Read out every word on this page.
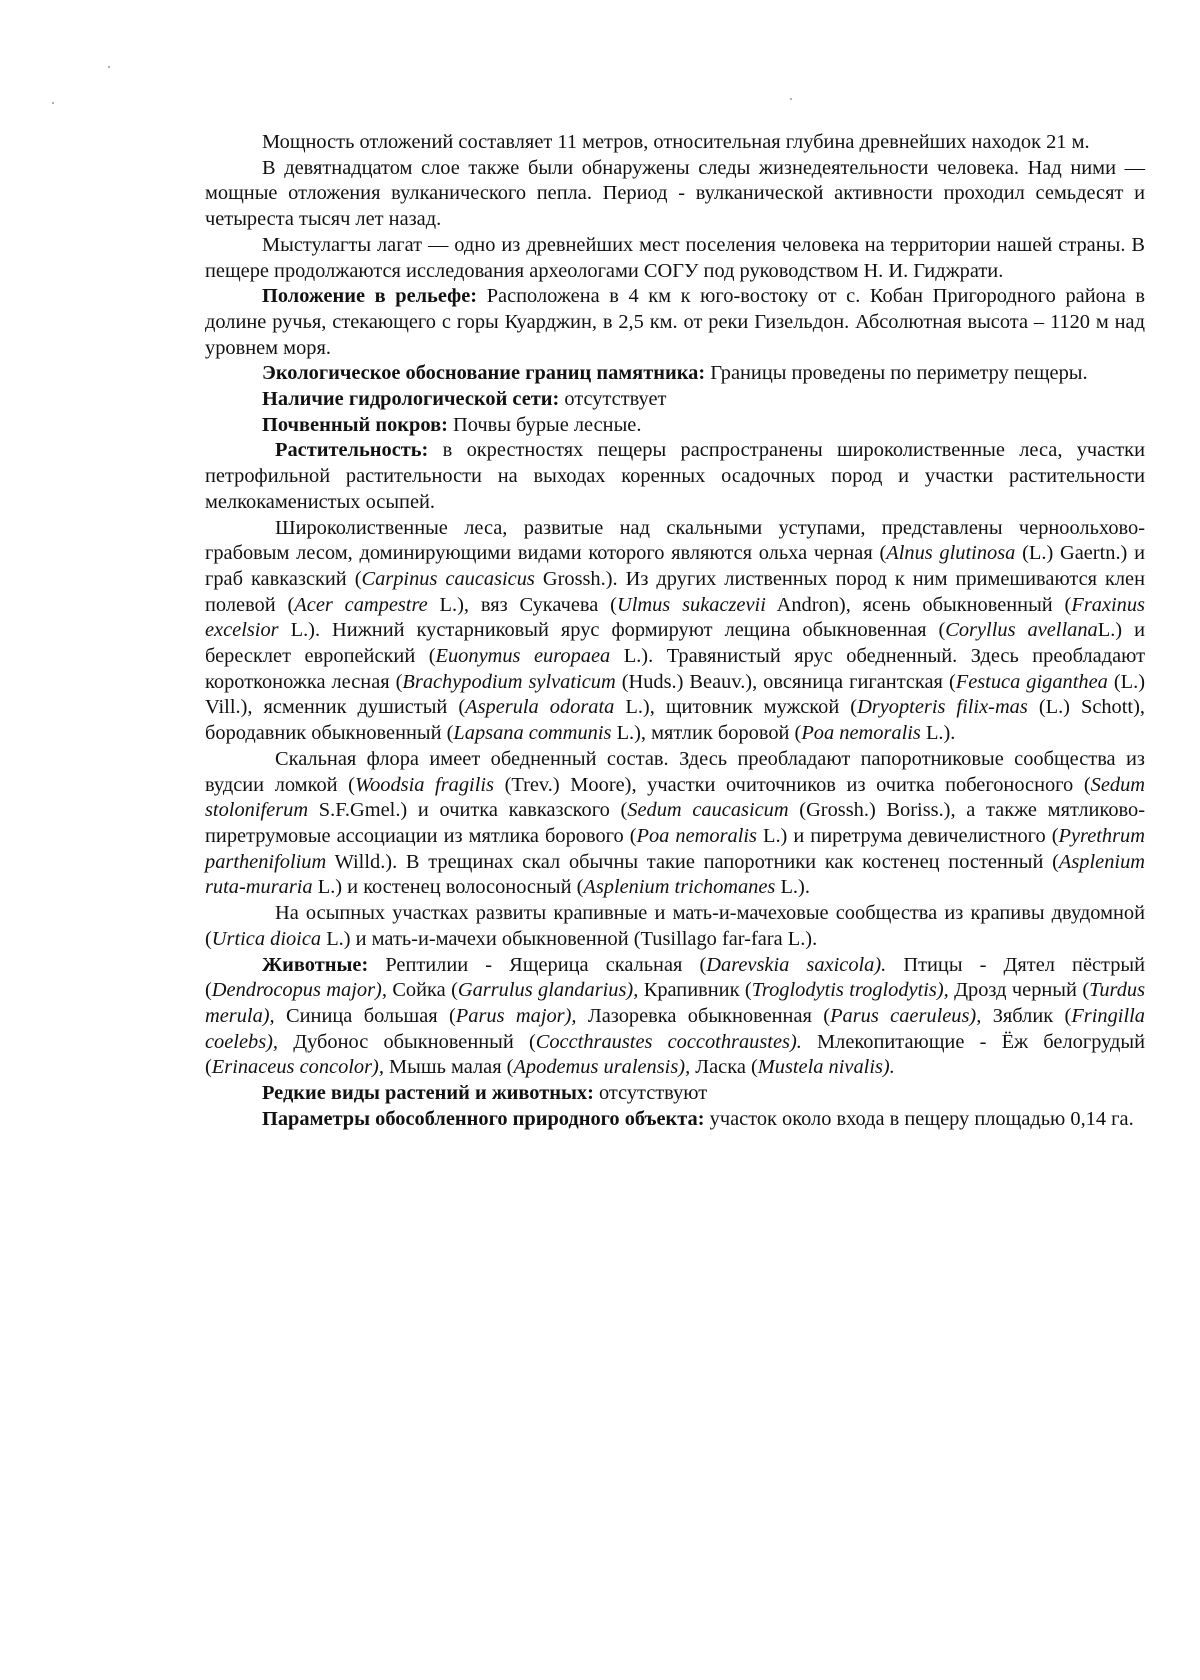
Мощность отложений составляет 11 метров, относительная глубина древнейших находок 21 м.

В девятнадцатом слое также были обнаружены следы жизнедеятельности человека. Над ними — мощные отложения вулканического пепла. Период - вулканической активности проходил семьдесят и четыреста тысяч лет назад.

Мыстулагты лагат — одно из древнейших мест поселения человека на территории нашей страны. В пещере продолжаются исследования археологами СОГУ под руководством Н. И. Гиджрати.

Положение в рельефе: Расположена в 4 км к юго-востоку от с. Кобан Пригородного района в долине ручья, стекающего с горы Куарджин, в 2,5 км. от реки Гизельдон. Абсолютная высота – 1120 м над уровнем моря.

Экологическое обоснование границ памятника: Границы проведены по периметру пещеры.

Наличие гидрологической сети: отсутствует

Почвенный покров: Почвы бурые лесные.

Растительность: в окрестностях пещеры распространены широколиственные леса, участки петрофильной растительности на выходах коренных осадочных пород и участки растительности мелкокаменистых осыпей.

Широколиственные леса, развитые над скальными уступами, представлены черноольхово-грабовым лесом, доминирующими видами которого являются ольха черная (Alnus glutinosa (L.) Gaertn.) и граб кавказский (Carpinus caucasicus Grossh.). Из других лиственных пород к ним примешиваются клен полевой (Acer campestre L.), вяз Сукачева (Ulmus sukaczevii Andron), ясень обыкновенный (Fraxinus excelsior L.). Нижний кустарниковый ярус формируют лещина обыкновенная (Coryllus avellanaL.) и бересклет европейский (Euonymus europaea L.). Травянистый ярус обедненный. Здесь преобладают коротконожка лесная (Brachypodium sylvaticum (Huds.) Beauv.), овсяница гигантская (Festuca giganthea (L.) Vill.), ясменник душистый (Asperula odorata L.), щитовник мужской (Dryopteris filix-mas (L.) Schott), бородавник обыкновенный (Lapsana communis L.), мятлик боровой (Poa nemoralis L.).

Скальная флора имеет обедненный состав. Здесь преобладают папоротниковые сообщества из вудсии ломкой (Woodsia fragilis (Trev.) Moore), участки очиточников из очитка побегоносного (Sedum stoloniferum S.F.Gmel.) и очитка кавказского (Sedum caucasicum (Grossh.) Boriss.), а также мятликово-пиретрумовые ассоциации из мятлика борового (Poa nemoralis L.) и пиретрума девичелистного (Pyrethrum parthenifolium Willd.). В трещинах скал обычны такие папоротники как костенец постенный (Asplenium ruta-muraria L.) и костенец волосоносный (Asplenium trichomanes L.).

На осыпных участках развиты крапивные и мать-и-мачеховые сообщества из крапивы двудомной (Urtica dioica L.) и мать-и-мачехи обыкновенной (Tusillago far-fara L.).

Животные: Рептилии - Ящерица скальная (Darevskia saxicola). Птицы - Дятел пёстрый (Dendrocopus major), Сойка (Garrulus glandarius), Крапивник (Troglodytis troglodytis), Дрозд черный (Turdus merula), Синица большая (Parus major), Лазоревка обыкновенная (Parus caeruleus), Зяблик (Fringilla coelebs), Дубонос обыкновенный (Coccthraustes coccothraustes). Млекопитающие - Ёж белогрудый (Erinaceus concolor), Мышь малая (Apodemus uralensis), Ласка (Mustela nivalis).

Редкие виды растений и животных: отсутствуют

Параметры обособленного природного объекта: участок около входа в пещеру площадью 0,14 га.
